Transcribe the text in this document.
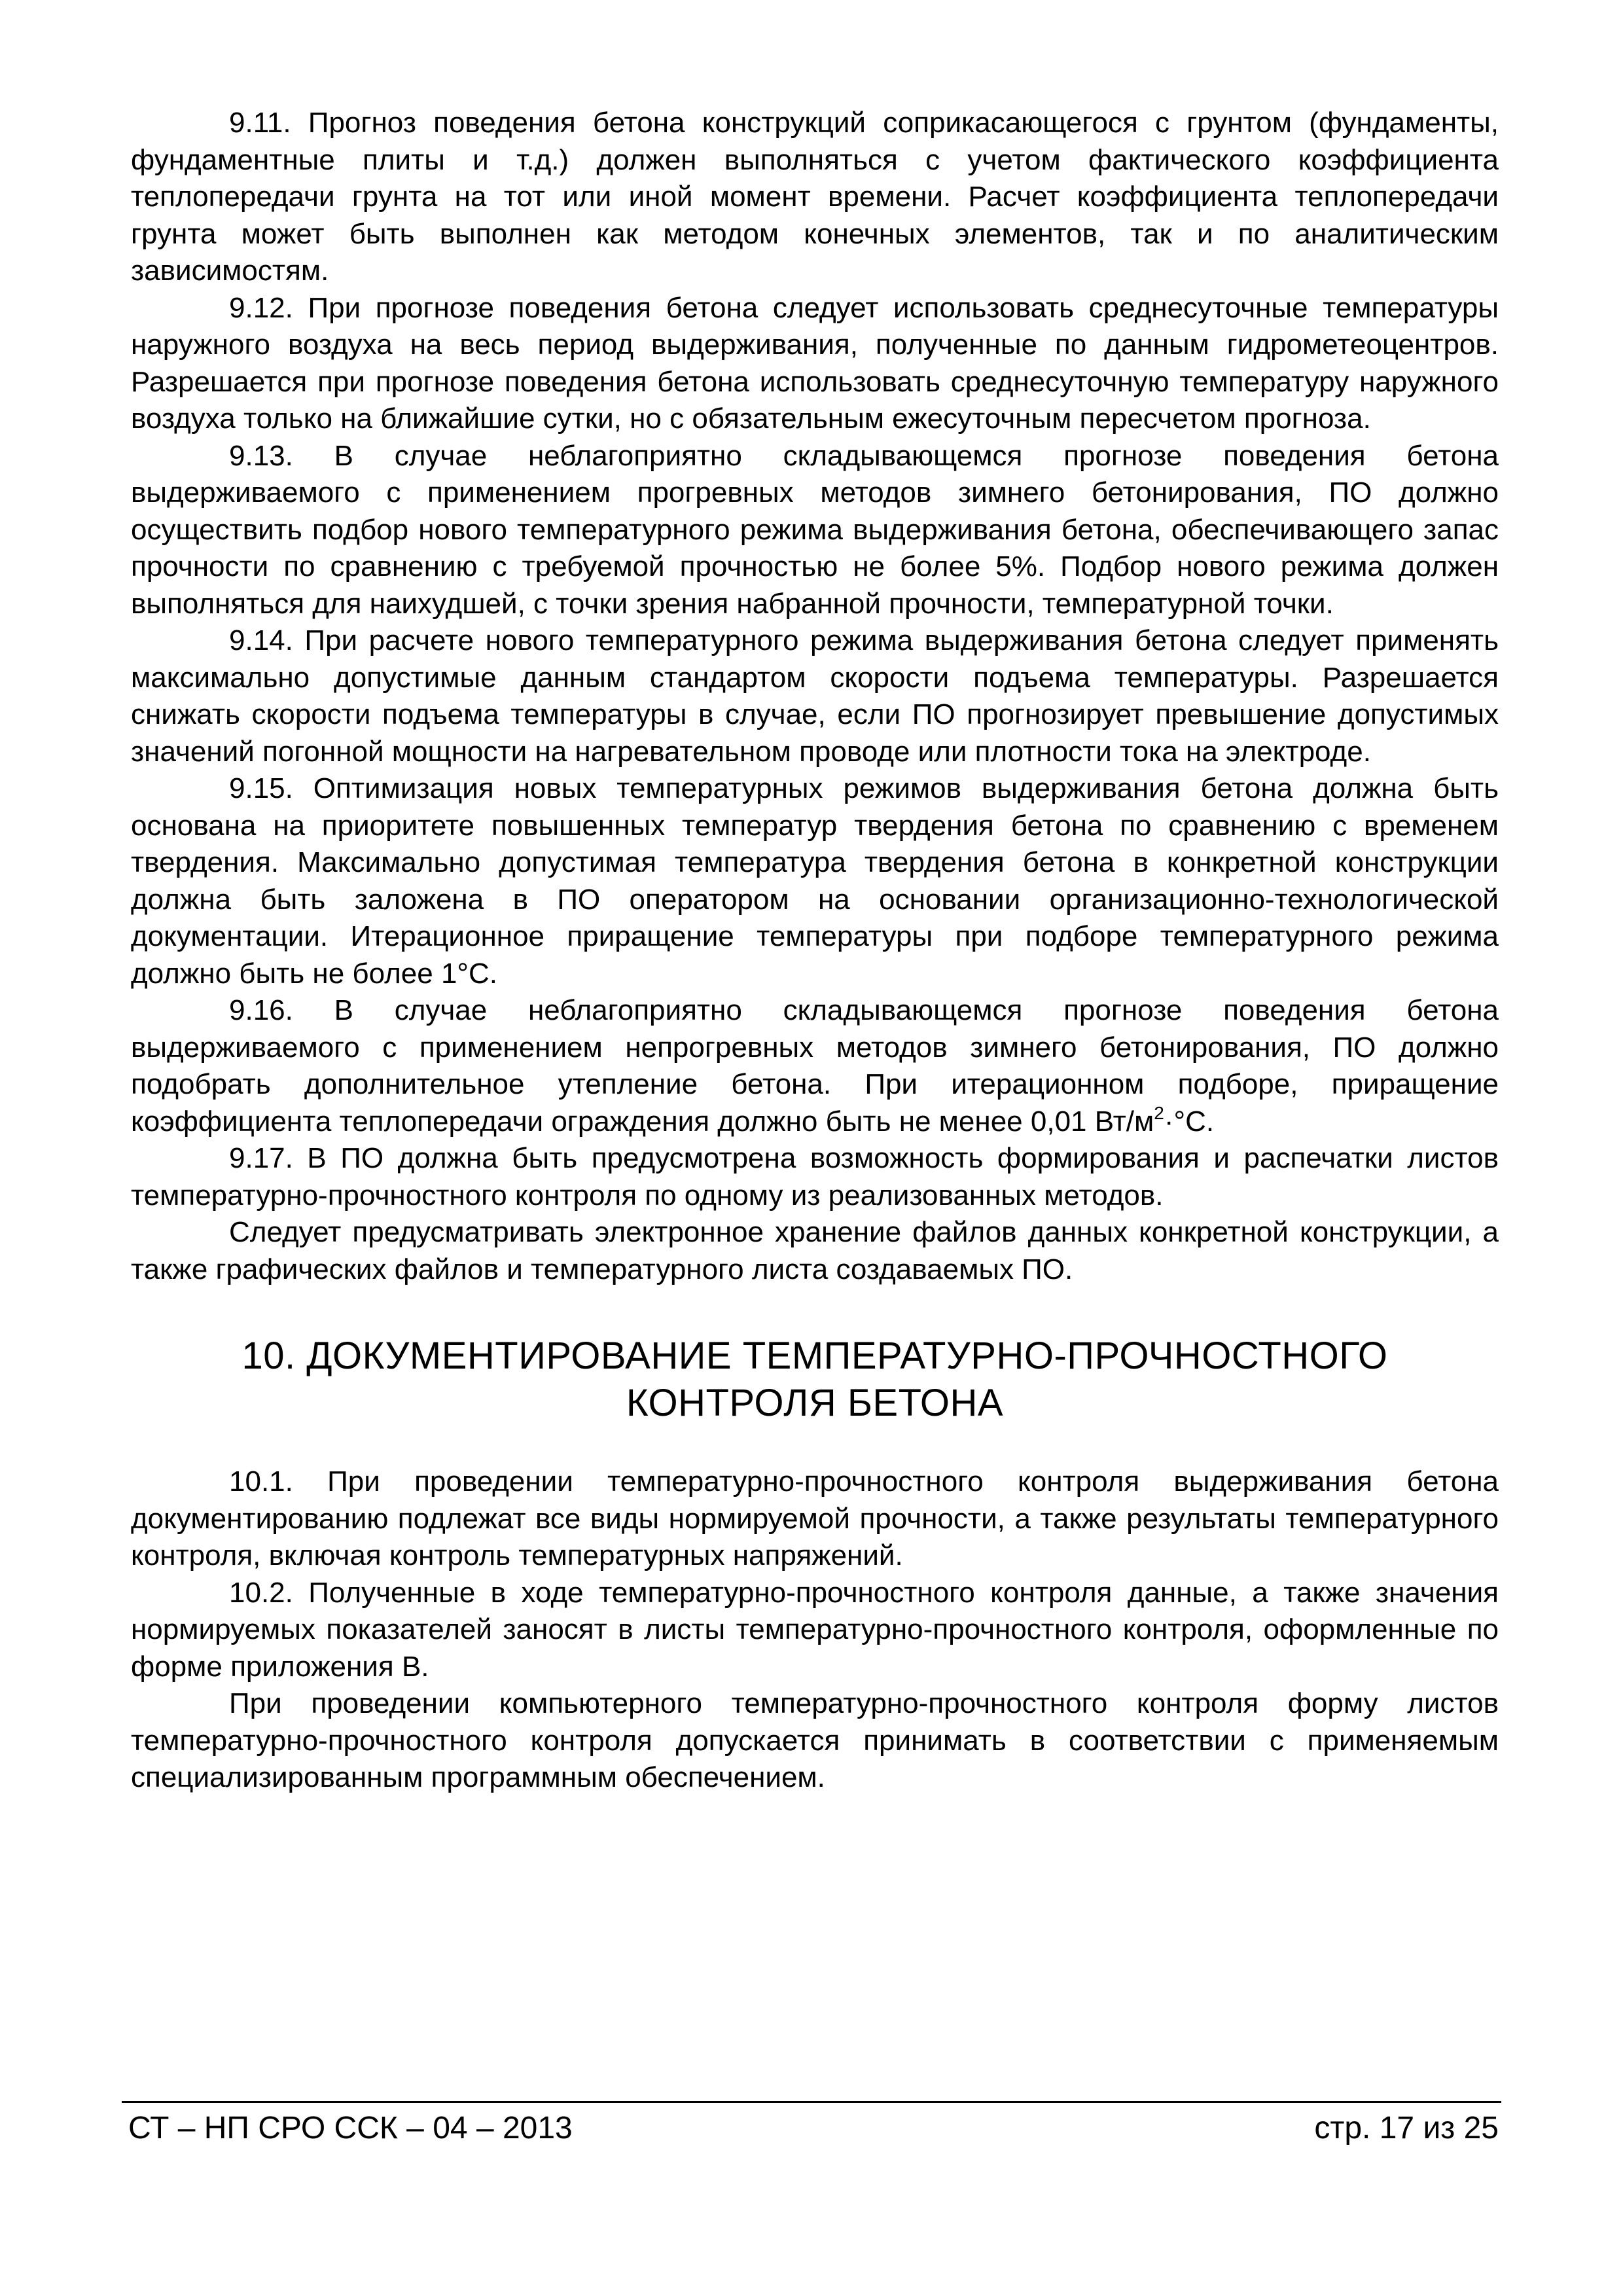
9.11. Прогноз поведения бетона конструкций соприкасающегося с грунтом (фундаменты, фундаментные плиты и т.д.) должен выполняться с учетом фактического коэффициента теплопередачи грунта на тот или иной момент времени. Расчет коэффициента теплопередачи грунта может быть выполнен как методом конечных элементов, так и по аналитическим зависимостям.

9.12. При прогнозе поведения бетона следует использовать среднесуточные температуры наружного воздуха на весь период выдерживания, полученные по данным гидрометеоцентров. Разрешается при прогнозе поведения бетона использовать среднесуточную температуру наружного воздуха только на ближайшие сутки, но с обязательным ежесуточным пересчетом прогноза.

9.13. В случае неблагоприятно складывающемся прогнозе поведения бетона выдерживаемого с применением прогревных методов зимнего бетонирования, ПО должно осуществить подбор нового температурного режима выдерживания бетона, обеспечивающего запас прочности по сравнению с требуемой прочностью не более 5%. Подбор нового режима должен выполняться для наихудшей, с точки зрения набранной прочности, температурной точки.

9.14. При расчете нового температурного режима выдерживания бетона следует применять максимально допустимые данным стандартом скорости подъема температуры. Разрешается снижать скорости подъема температуры в случае, если ПО прогнозирует превышение допустимых значений погонной мощности на нагревательном проводе или плотности тока на электроде.

9.15. Оптимизация новых температурных режимов выдерживания бетона должна быть основана на приоритете повышенных температур твердения бетона по сравнению с временем твердения. Максимально допустимая температура твердения бетона в конкретной конструкции должна быть заложена в ПО оператором на основании организационно-технологической документации. Итерационное приращение температуры при подборе температурного режима должно быть не более 1°С.

9.16. В случае неблагоприятно складывающемся прогнозе поведения бетона выдерживаемого с применением непрогревных методов зимнего бетонирования, ПО должно подобрать дополнительное утепление бетона. При итерационном подборе, приращение коэффициента теплопередачи ограждения должно быть не менее 0,01 $Вт/м^2\cdot^\circ С$.

9.17. В ПО должна быть предусмотрена возможность формирования и распечатки листов температурно-прочностного контроля по одному из реализованных методов.

Следует предусматривать электронное хранение файлов данных конкретной конструкции, а также графических файлов и температурного листа создаваемых ПО.

10. ДОКУМЕНТИРОВАНИЕ ТЕМПЕРАТУРНО-ПРОЧНОСТНОГО
КОНТРОЛЯ БЕТОНА

10.1. При проведении температурно-прочностного контроля выдерживания бетона документированию подлежат все виды нормируемой прочности, а также результаты температурного контроля, включая контроль температурных напряжений.

10.2. Полученные в ходе температурно-прочностного контроля данные, а также значения нормируемых показателей заносят в листы температурно-прочностного контроля, оформленные по форме приложения В.

При проведении компьютерного температурно-прочностного контроля форму листов температурно-прочностного контроля допускается принимать в соответствии с применяемым специализированным программным обеспечением.

СТ – НП СРО ССК – 04 – 2013	стр. 17 из 25
